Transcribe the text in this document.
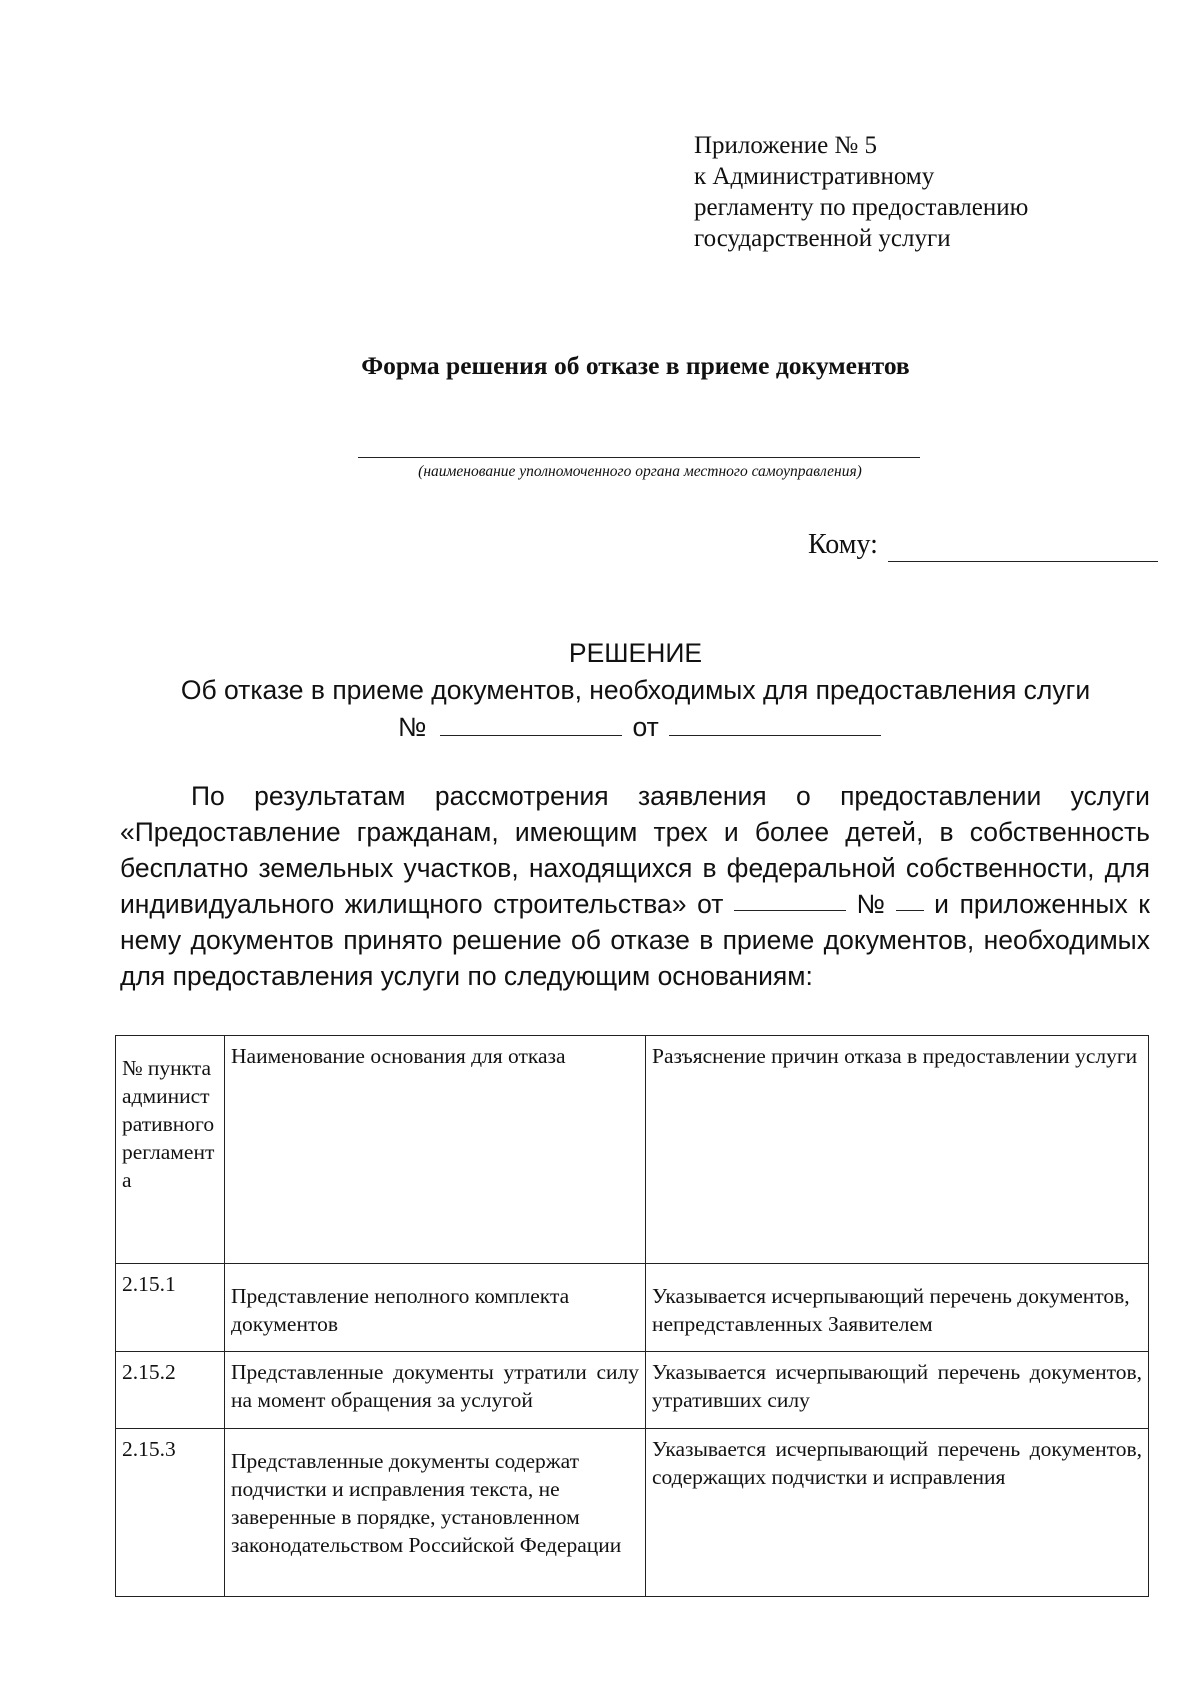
Приложение № 5
к Административному
регламенту по предоставлению
государственной услуги
Форма решения об отказе в приеме документов
(наименование уполномоченного органа местного самоуправления)
Кому:
РЕШЕНИЕ
Об отказе в приеме документов, необходимых для предоставления слуги
№	от
По результатам рассмотрения заявления о предоставлении услуги
«Предоставление гражданам, имеющим трех и более детей, в собственность
бесплатно земельных участков, находящихся в федеральной собственности, для
индивидуального жилищного строительства» от	№ и приложенных к
нему документов принято решение об отказе в приеме документов, необходимых
для предоставления услуги по следующим основаниям:
№ пункта административного регламента	Наименование основания для отказа	Разъяснение причин отказа в предоставлении услуги
2.15.1	Представление неполного комплекта документов	Указывается исчерпывающий перечень документов, непредставленных Заявителем
2.15.2	Представленные документы утратили силу на момент обращения за услугой	Указывается исчерпывающий перечень документов, утративших силу
2.15.3	Представленные документы содержат подчистки и исправления текста, не заверенные в порядке, установленном законодательством Российской Федерации	Указывается исчерпывающий перечень документов, содержащих подчистки и исправления
